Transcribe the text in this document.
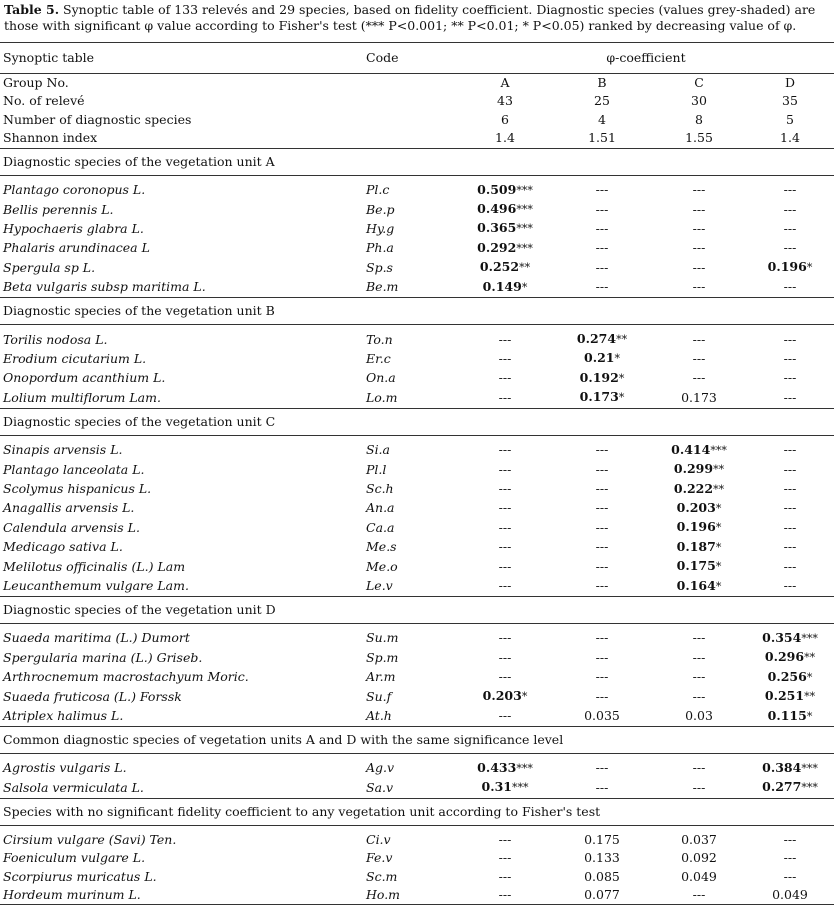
Table 5. Synoptic table of 133 relevés and 29 species, based on fidelity coefficient. Diagnostic species (values grey-shaded) are those with significant φ value according to Fisher's test (*** P<0.001; ** P<0.01; * P<0.05) ranked by decreasing value of φ.
Synoptic table	Code	φ-coefficient			
Group No.		A	B	C	D
No. of relevé		43	25	30	35
Number of diagnostic species		6	4	8	5
Shannon index		1.4	1.51	1.55	1.4
Diagnostic species of the vegetation unit A					

Plantago coronopus L.	Pl.c	0.509***	---	---	---
Bellis perennis L.	Be.p	0.496***	---	---	---
Hypochaeris glabra L.	Hy.g	0.365***	---	---	---
Phalaris arundinacea L	Ph.a	0.292***	---	---	---
Spergula sp L.	Sp.s	0.252**	---	---	0.196*
Beta vulgaris subsp maritima L.	Be.m	0.149*	---	---	---
Diagnostic species of the vegetation unit B					

Torilis nodosa L.	To.n	---	0.274**	---	---
Erodium cicutarium L.	Er.c	---	0.21*	---	---
Onopordum acanthium L.	On.a	---	0.192*	---	---
Lolium multiflorum Lam.	Lo.m	---	0.173*	0.173	---
Diagnostic species of the vegetation unit C					

Sinapis arvensis L.	Si.a	---	---	0.414***	---
Plantago lanceolata L.	Pl.l	---	---	0.299**	---
Scolymus hispanicus L.	Sc.h	---	---	0.222**	---
Anagallis arvensis L.	An.a	---	---	0.203*	---
Calendula arvensis L.	Ca.a	---	---	0.196*	---
Medicago sativa L.	Me.s	---	---	0.187*	---
Melilotus officinalis (L.) Lam	Me.o	---	---	0.175*	---
Leucanthemum vulgare Lam.	Le.v	---	---	0.164*	---
Diagnostic species of the vegetation unit D					

Suaeda maritima (L.) Dumort	Su.m	---	---	---	0.354***
Spergularia marina (L.) Griseb.	Sp.m	---	---	---	0.296**
Arthrocnemum macrostachyum Moric.	Ar.m	---	---	---	0.256*
Suaeda fruticosa (L.) Forssk	Su.f	0.203*	---	---	0.251**
Atriplex halimus L.	At.h	---	0.035	0.03	0.115*
Common diagnostic species of vegetation units A and D with the same significance level					

Agrostis vulgaris L.	Ag.v	0.433***	---	---	0.384***
Salsola vermiculata L.	Sa.v	0.31***	---	---	0.277***
Species with no significant fidelity coefficient to any vegetation unit according to Fisher's test					

Cirsium vulgare (Savi) Ten.	Ci.v	---	0.175	0.037	---
Foeniculum vulgare L.	Fe.v	---	0.133	0.092	---
Scorpiurus muricatus L.	Sc.m	---	0.085	0.049	---
Hordeum murinum L.	Ho.m	---	0.077	---	0.049
